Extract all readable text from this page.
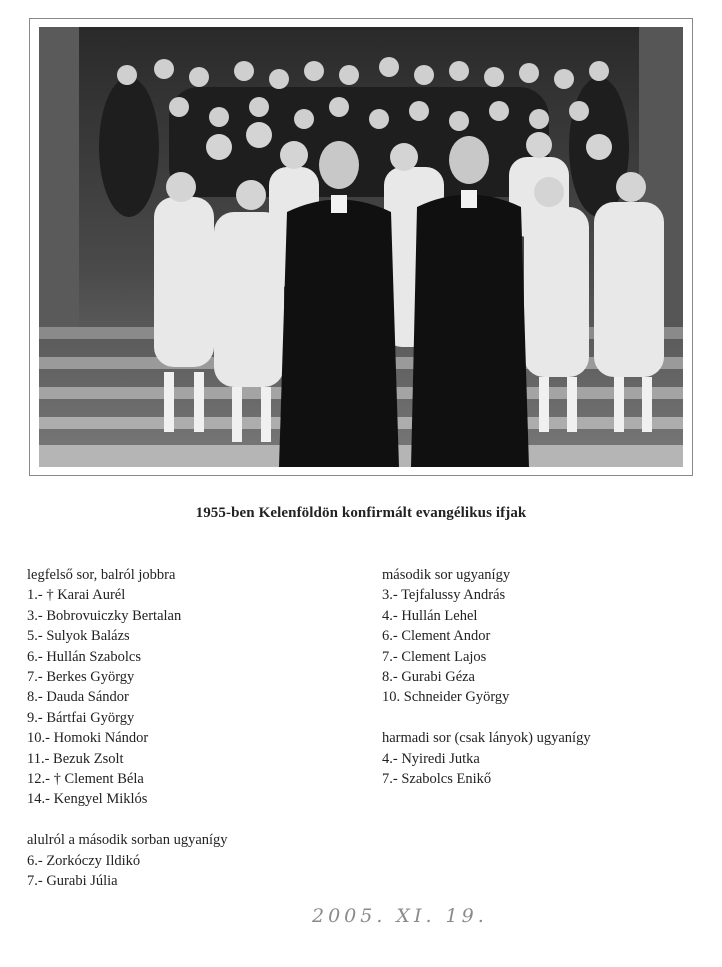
1955-ben Kelenföldön konfirmált evangélikus ifjak
legfelső sor, balról jobbra
1.- † Karai Aurél
3.- Bobrovuiczky Bertalan
5.- Sulyok Balázs
6.- Hullán Szabolcs
7.- Berkes György
8.- Dauda Sándor
9.- Bártfai György
10.- Homoki Nándor
11.- Bezuk Zsolt
12.- † Clement Béla
14.- Kengyel Miklós
alulról a második sorban ugyanígy
6.- Zorkóczy Ildikó
7.- Gurabi Júlia
második sor ugyanígy
3.- Tejfalussy András
4.- Hullán Lehel
6.- Clement Andor
7.- Clement Lajos
8.- Gurabi Géza
10. Schneider György
harmadi sor (csak lányok) ugyanígy
4.- Nyiredi Jutka
7.- Szabolcs Enikő
2005. XI. 19.
